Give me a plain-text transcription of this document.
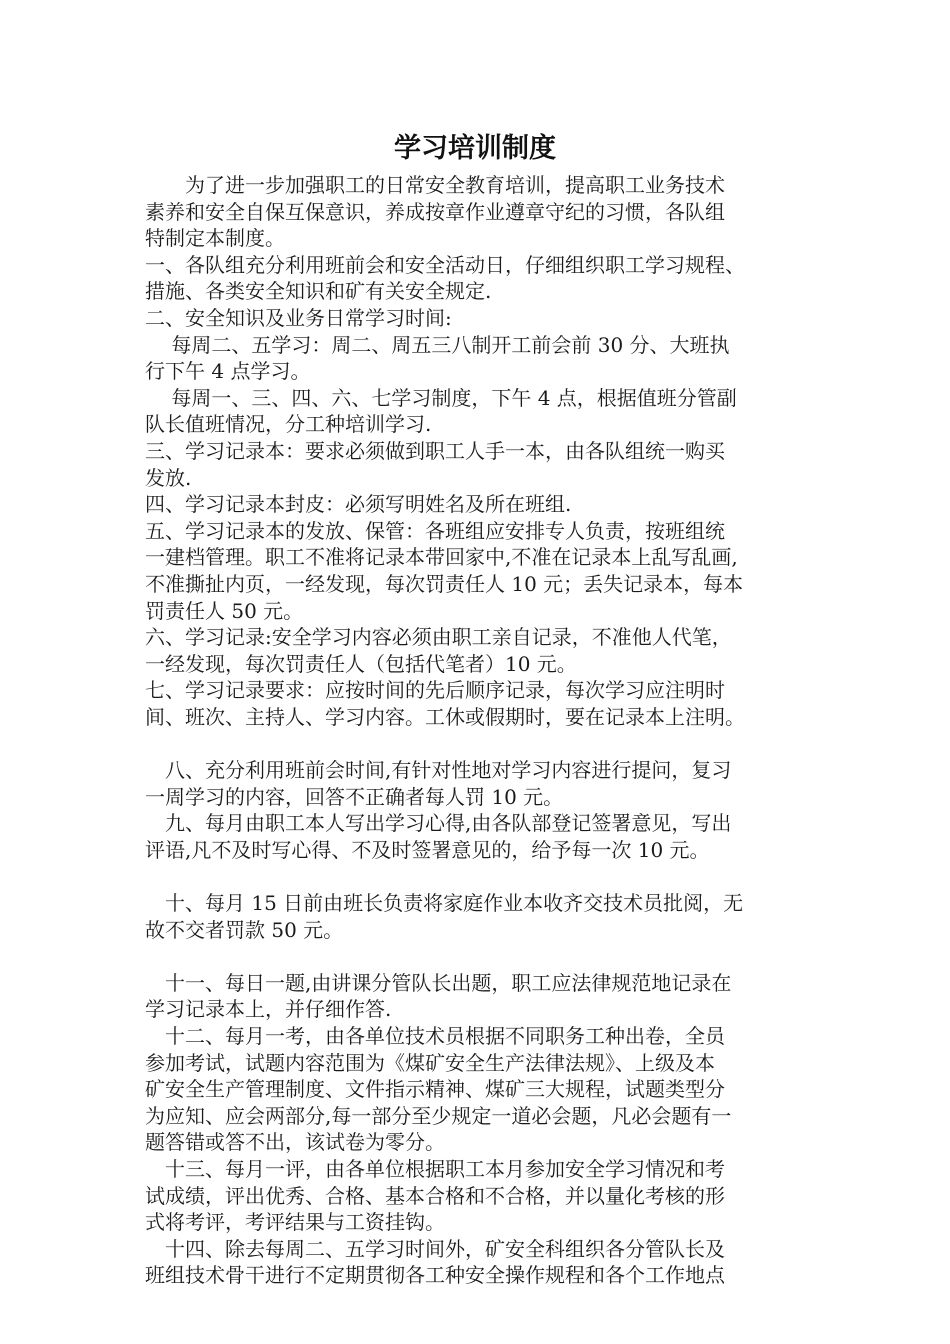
学习培训制度

　　为了进一步加强职工的日常安全教育培训，提高职工业务技术
素养和安全自保互保意识，养成按章作业遵章守纪的习惯，各队组
特制定本制度。

一、各队组充分利用班前会和安全活动日，仔细组织职工学习规程、
措施、各类安全知识和矿有关安全规定.

二、安全知识及业务日常学习时间:

　 每周二、五学习：周二、周五三八制开工前会前 30 分、大班执
行下午 4 点学习。

　 每周一、三、四、六、七学习制度，下午 4 点，根据值班分管副
队长值班情况，分工种培训学习.

三、学习记录本：要求必须做到职工人手一本，由各队组统一购买
发放.

四、学习记录本封皮：必须写明姓名及所在班组.

五、学习记录本的发放、保管：各班组应安排专人负责，按班组统
一建档管理。职工不准将记录本带回家中,不准在记录本上乱写乱画,
不准撕扯内页，一经发现，每次罚责任人 10 元；丢失记录本，每本
罚责任人 50 元。

六、学习记录:安全学习内容必须由职工亲自记录，不准他人代笔，
一经发现，每次罚责任人（包括代笔者）10 元。

七、学习记录要求：应按时间的先后顺序记录，每次学习应注明时
间、班次、主持人、学习内容。工休或假期时，要在记录本上注明。

　八、充分利用班前会时间,有针对性地对学习内容进行提问，复习
一周学习的内容，回答不正确者每人罚 10 元。

　九、每月由职工本人写出学习心得,由各队部登记签署意见，写出
评语,凡不及时写心得、不及时签署意见的，给予每一次 10 元。

　十、每月 15 日前由班长负责将家庭作业本收齐交技术员批阅，无
故不交者罚款 50 元。

　十一、每日一题,由讲课分管队长出题，职工应法律规范地记录在
学习记录本上，并仔细作答.

　十二、每月一考，由各单位技术员根据不同职务工种出卷，全员
参加考试，试题内容范围为《煤矿安全生产法律法规》、上级及本
矿安全生产管理制度、文件指示精神、煤矿三大规程，试题类型分
为应知、应会两部分,每一部分至少规定一道必会题，凡必会题有一
题答错或答不出，该试卷为零分。

　十三、每月一评，由各单位根据职工本月参加安全学习情况和考
试成绩，评出优秀、合格、基本合格和不合格，并以量化考核的形
式将考评，考评结果与工资挂钩。

　十四、除去每周二、五学习时间外，矿安全科组织各分管队长及
班组技术骨干进行不定期贯彻各工种安全操作规程和各个工作地点
